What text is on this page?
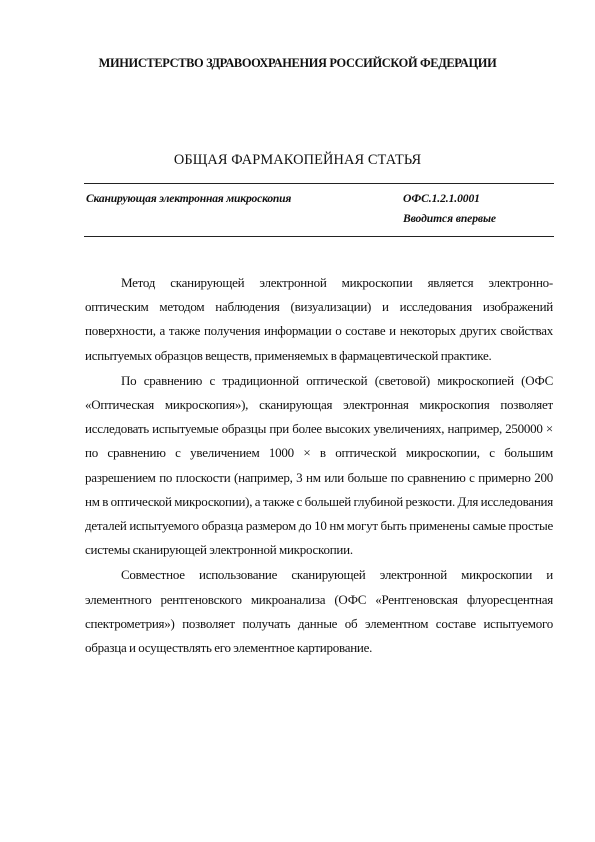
МИНИСТЕРСТВО ЗДРАВООХРАНЕНИЯ РОССИЙСКОЙ ФЕДЕРАЦИИ
ОБЩАЯ ФАРМАКОПЕЙНАЯ СТАТЬЯ
Сканирующая электронная микроскопия	ОФС.1.2.1.0001
Вводится впервые

Метод сканирующей электронной микроскопии является электронно-оптическим методом наблюдения (визуализации) и исследования изображений поверхности, а также получения информации о составе и некоторых других свойствах испытуемых образцов веществ, применяемых в фармацевтической практике.

По сравнению с традиционной оптической (световой) микроскопией (ОФС «Оптическая микроскопия»), сканирующая электронная микроскопия позволяет исследовать испытуемые образцы при более высоких увеличениях, например, 250000 × по сравнению с увеличением 1000 × в оптической микроскопии, с большим разрешением по плоскости (например, 3 нм или больше по сравнению с примерно 200 нм в оптической микроскопии), а также с большей глубиной резкости. Для исследования деталей испытуемого образца размером до 10 нм могут быть применены самые простые системы сканирующей электронной микроскопии.

Совместное использование сканирующей электронной микроскопии и элементного рентгеновского микроанализа (ОФС «Рентгеновская флуоресцентная спектрометрия») позволяет получать данные об элементном составе испытуемого образца и осуществлять его элементное картирование.
